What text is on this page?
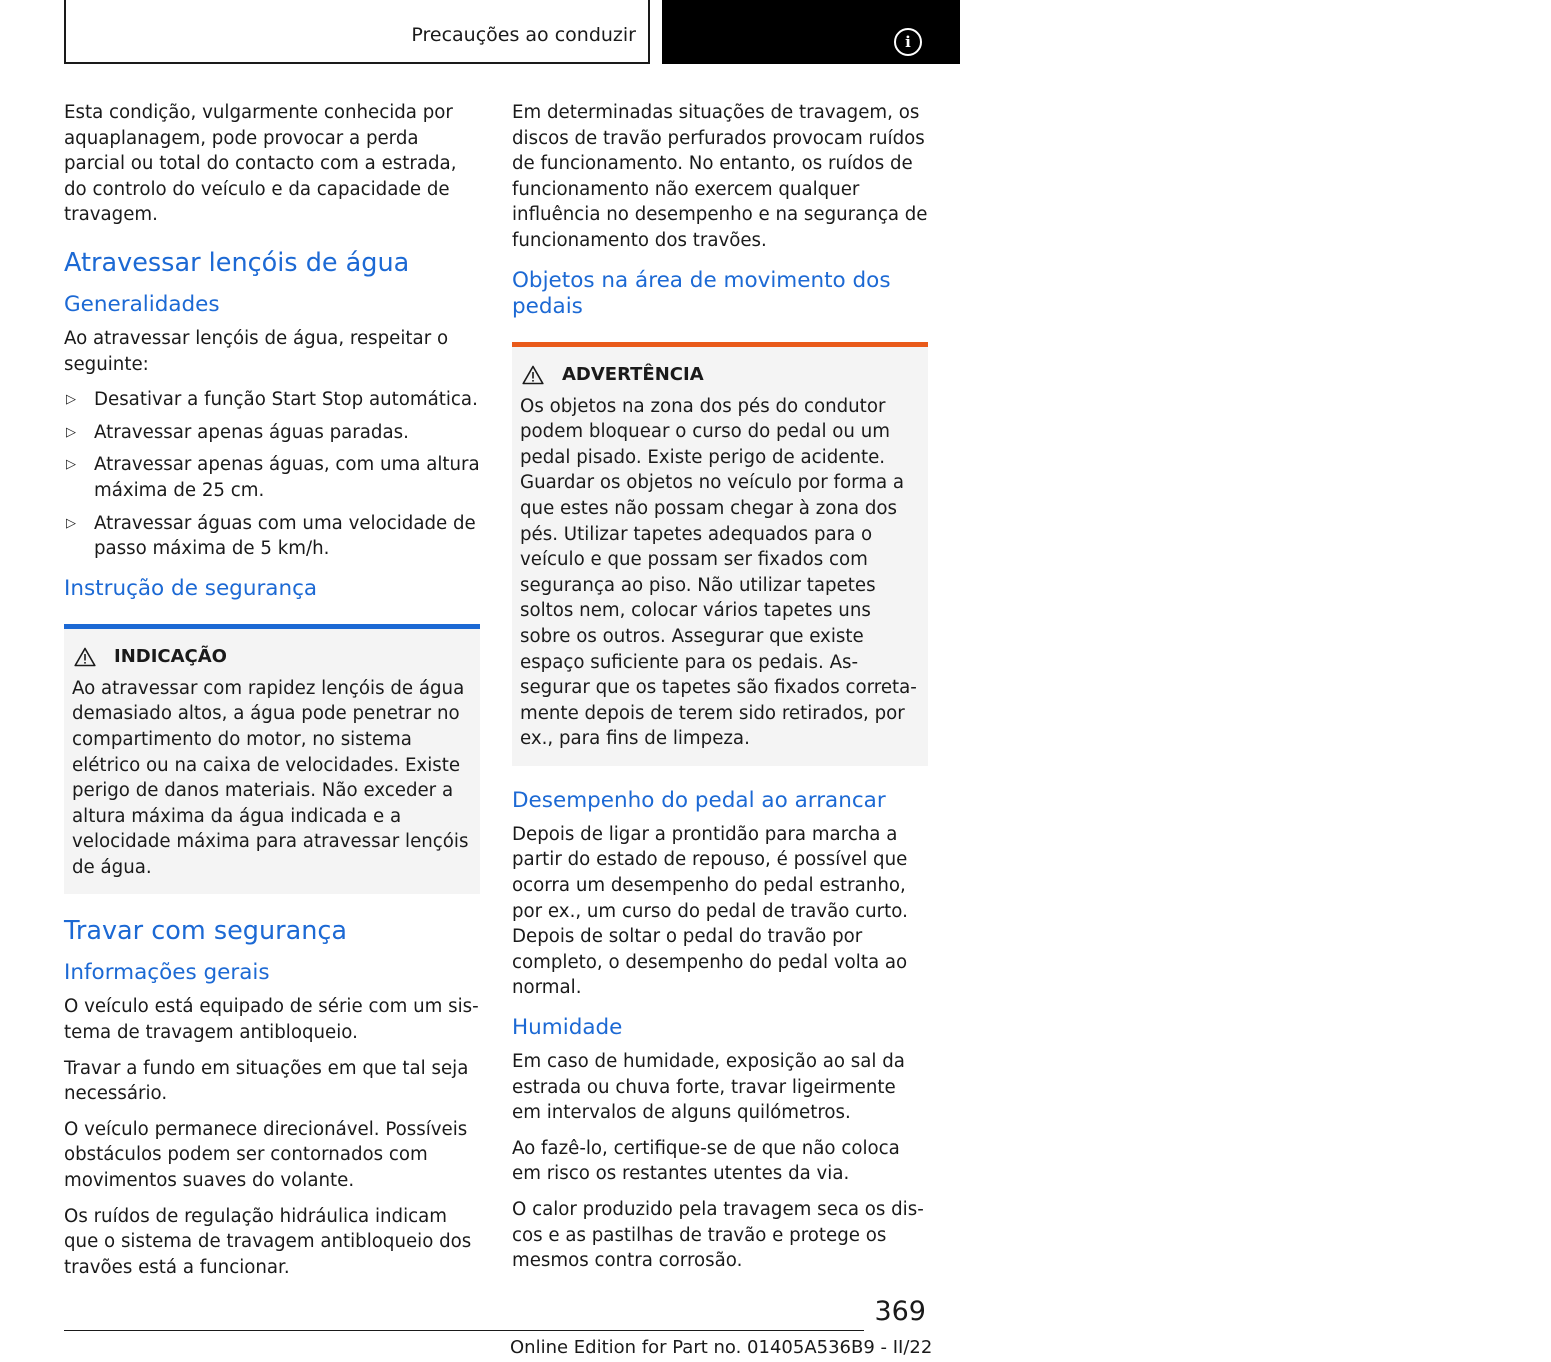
Precauções ao conduzir	CONDUZIR
i

Esta condição, vulgarmente conhecida por aquaplanagem, pode provocar a perda parcial ou total do contacto com a estrada, do controlo do veículo e da capacidade de travagem.

Atravessar lençóis de água
Generalidades

Ao atravessar lençóis de água, respeitar o seguinte:

▷ Desativar a função Start Stop automática.
▷ Atravessar apenas águas paradas.
▷ Atravessar apenas águas, com uma altura máxima de 25 cm.
▷ Atravessar águas com uma velocidade de passo máxima de 5 km/h.
Instrução de segurança
INDICAÇÃO

Ao atravessar com rapidez lençóis de água demasiado altos, a água pode penetrar no compartimento do motor, no sistema elétrico ou na caixa de velocidades. Existe perigo de danos materiais. Não exceder a altura máxima da água indicada e a velocidade máxima para atravessar lençóis de água.

Travar com segurança
Informações gerais

O veículo está equipado de série com um sistema de travagem antibloqueio.

Travar a fundo em situações em que tal seja necessário.

O veículo permanece direcionável. Possíveis obstáculos podem ser contornados com movimentos suaves do volante.

Os ruídos de regulação hidráulica indicam que o sistema de travagem antibloqueio dos travões está a funcionar.

Em determinadas situações de travagem, os discos de travão perfurados provocam ruídos de funcionamento. No entanto, os ruídos de funcionamento não exercem qualquer influência no desempenho e na segurança de funcionamento dos travões.

Objetos na área de movimento dos pedais
ADVERTÊNCIA

Os objetos na zona dos pés do condutor podem bloquear o curso do pedal ou um pedal pisado. Existe perigo de acidente. Guardar os objetos no veículo por forma a que estes não possam chegar à zona dos pés. Utilizar tapetes adequados para o veículo e que possam ser fixados com segurança ao piso. Não utilizar tapetes soltos nem, colocar vários tapetes uns sobre os outros. Assegurar que existe espaço suficiente para os pedais. Assegurar que os tapetes são fixados corretamente depois de terem sido retirados, por ex., para fins de limpeza.

Desempenho do pedal ao arrancar

Depois de ligar a prontidão para marcha a partir do estado de repouso, é possível que ocorra um desempenho do pedal estranho, por ex., um curso do pedal de travão curto. Depois de soltar o pedal do travão por completo, o desempenho do pedal volta ao normal.

Humidade

Em caso de humidade, exposição ao sal da estrada ou chuva forte, travar ligeirmente em intervalos de alguns quilómetros.

Ao fazê-lo, certifique-se de que não coloca em risco os restantes utentes da via.

O calor produzido pela travagem seca os discos e as pastilhas de travão e protege os mesmos contra corrosão.

369
Online Edition for Part no. 01405A536B9 - II/22
